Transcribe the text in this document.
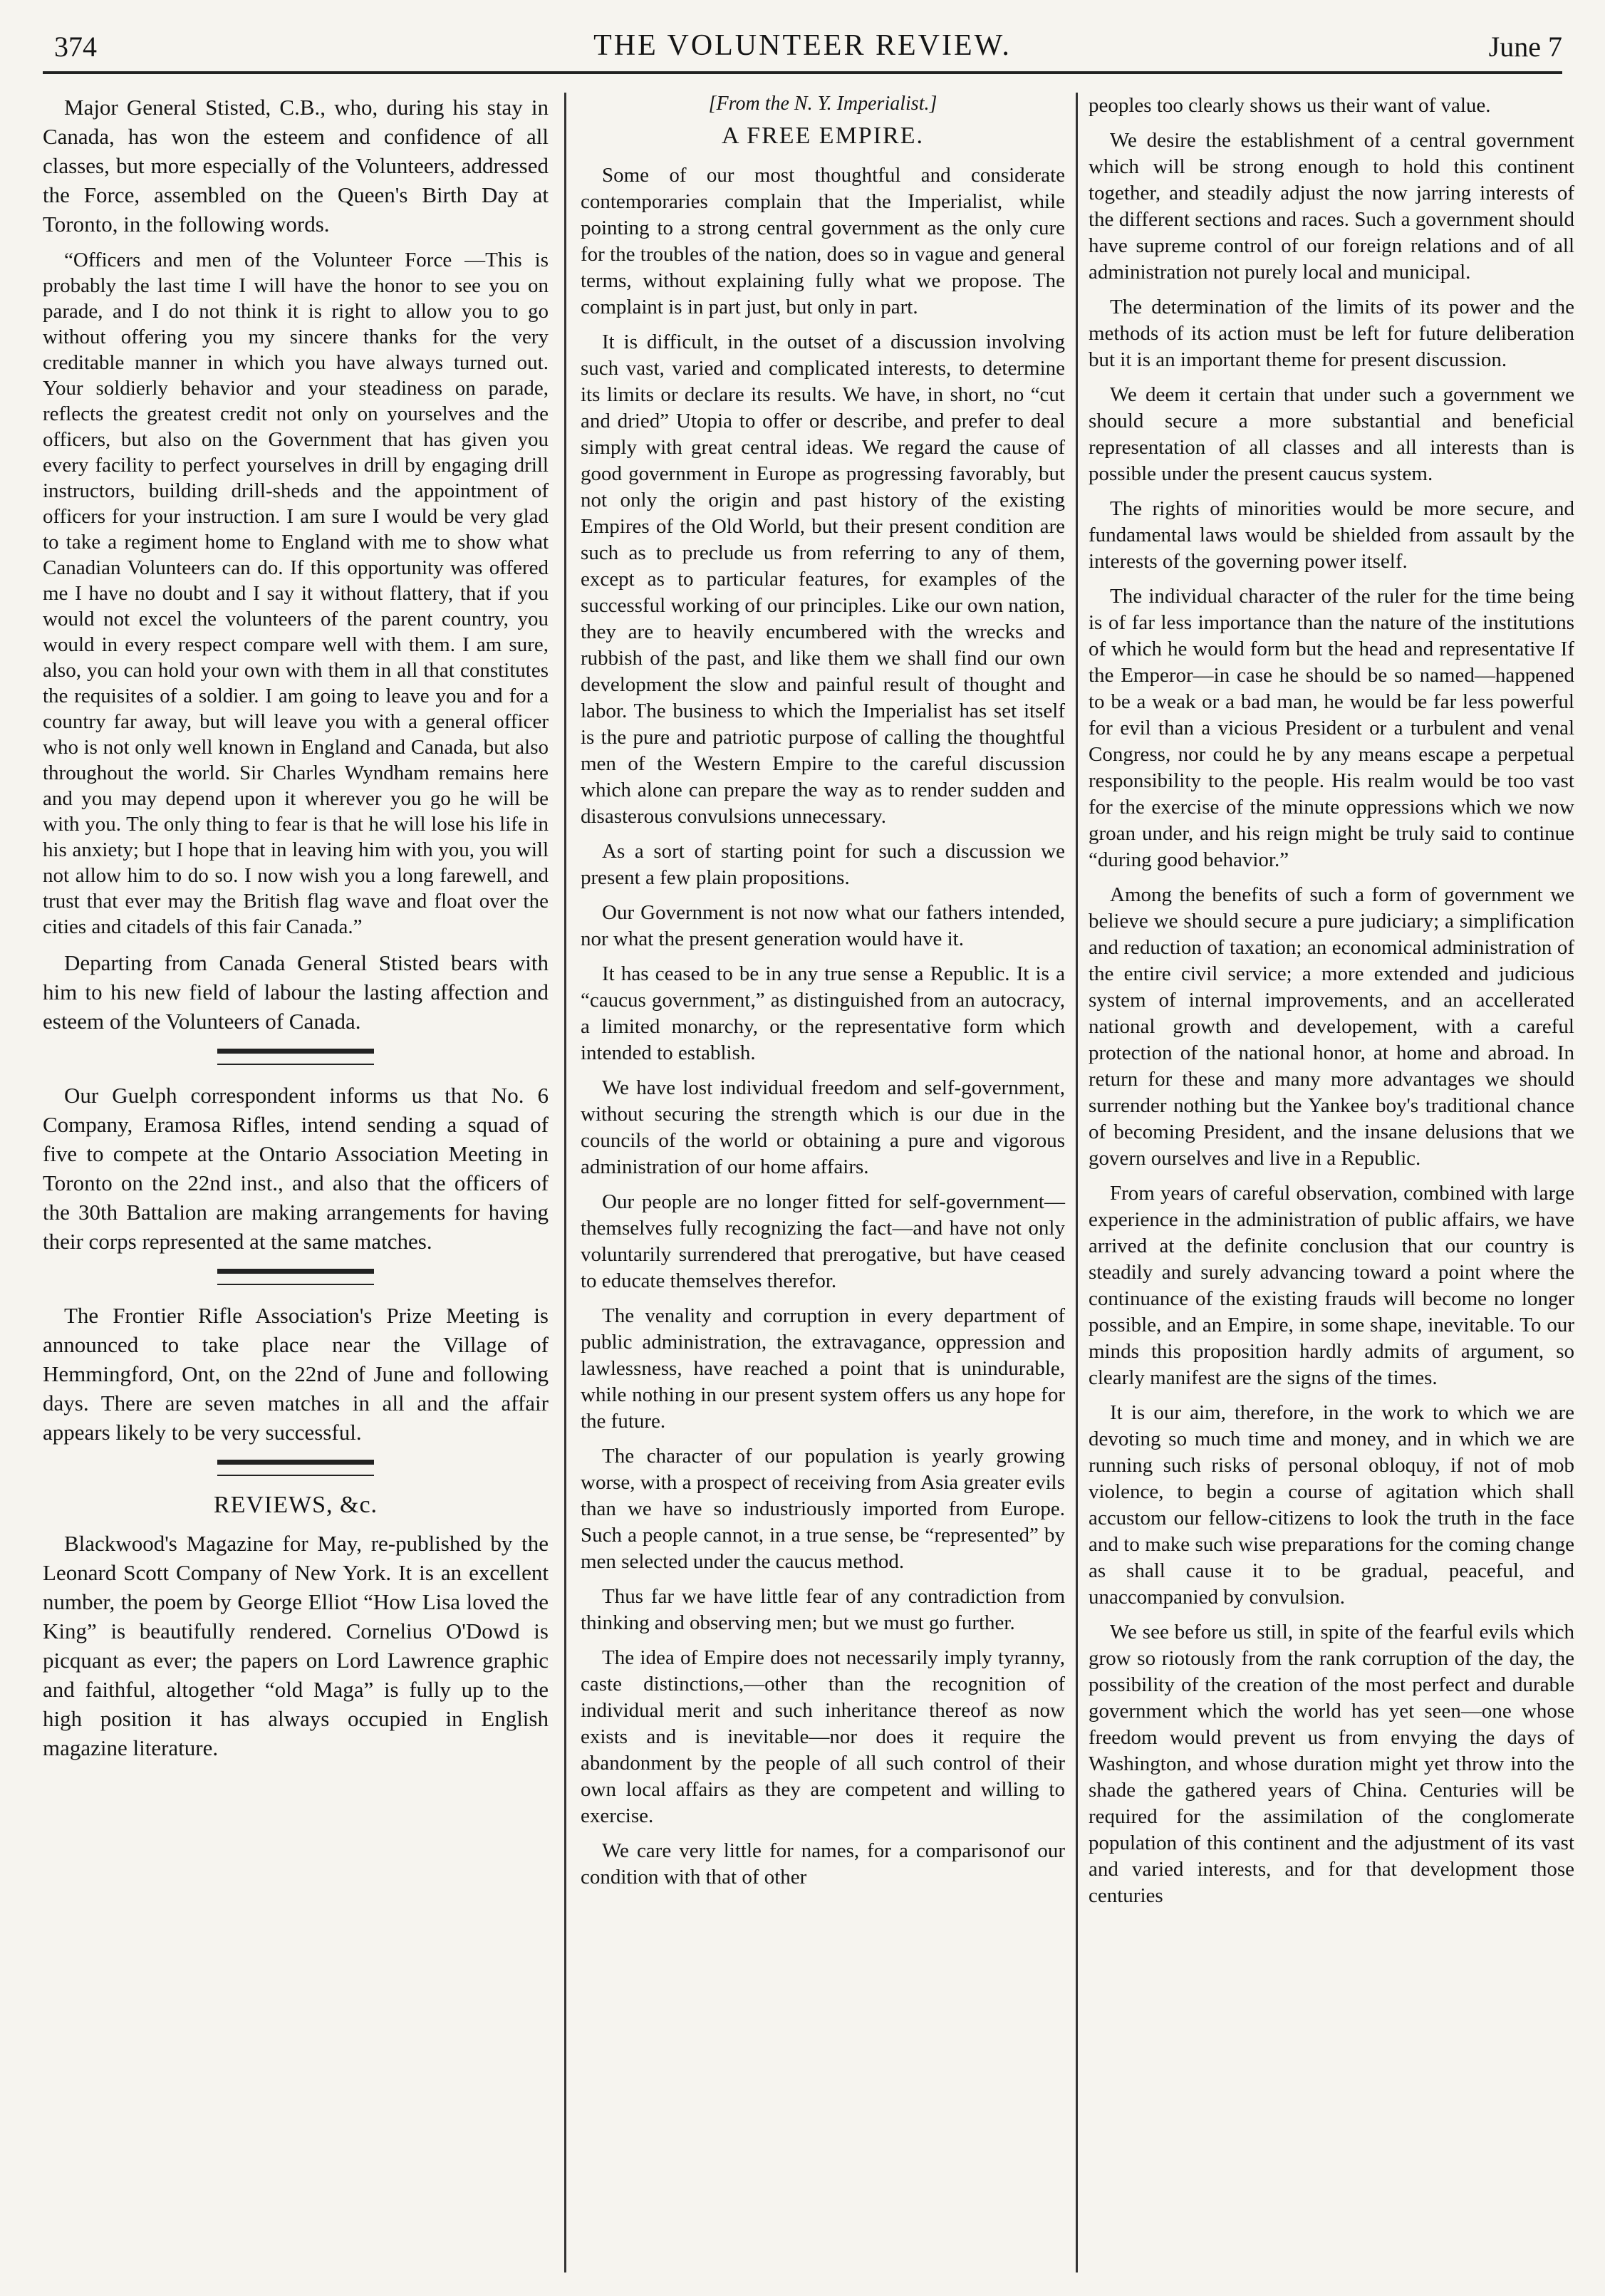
374	THE VOLUNTEER REVIEW.	June 7

Major General Stisted, C.B., who, during his stay in Canada, has won the esteem and confidence of all classes, but more especially of the Volunteers, addressed the Force, assembled on the Queen's Birth Day at Toronto, in the following words.

“Officers and men of the Volunteer Force —This is probably the last time I will have the honor to see you on parade, and I do not think it is right to allow you to go without offering you my sincere thanks for the very creditable manner in which you have always turned out. Your soldierly behavior and your steadiness on parade, reflects the greatest credit not only on yourselves and the officers, but also on the Government that has given you every facility to perfect yourselves in drill by engaging drill instructors, building drill-sheds and the appointment of officers for your instruction. I am sure I would be very glad to take a regiment home to England with me to show what Canadian Volunteers can do. If this opportunity was offered me I have no doubt and I say it without flattery, that if you would not excel the volunteers of the parent country, you would in every respect compare well with them. I am sure, also, you can hold your own with them in all that constitutes the requisites of a soldier. I am going to leave you and for a country far away, but will leave you with a general officer who is not only well known in England and Canada, but also throughout the world. Sir Charles Wyndham remains here and you may depend upon it wherever you go he will be with you. The only thing to fear is that he will lose his life in his anxiety; but I hope that in leaving him with you, you will not allow him to do so. I now wish you a long farewell, and trust that ever may the British flag wave and float over the cities and citadels of this fair Canada.”

Departing from Canada General Stisted bears with him to his new field of labour the lasting affection and esteem of the Volunteers of Canada.

Our Guelph correspondent informs us that No. 6 Company, Eramosa Rifles, intend sending a squad of five to compete at the Ontario Association Meeting in Toronto on the 22nd inst., and also that the officers of the 30th Battalion are making arrangements for having their corps represented at the same matches.

The Frontier Rifle Association's Prize Meeting is announced to take place near the Village of Hemmingford, Ont, on the 22nd of June and following days. There are seven matches in all and the affair appears likely to be very successful.

REVIEWS, &c.

Blackwood's Magazine for May, re-published by the Leonard Scott Company of New York. It is an excellent number, the poem by George Elliot “How Lisa loved the King” is beautifully rendered. Cornelius O'Dowd is picquant as ever; the papers on Lord Lawrence graphic and faithful, altogether “old Maga” is fully up to the high position it has always occupied in English magazine literature.

[From the N. Y. Imperialist.]
A FREE EMPIRE.

Some of our most thoughtful and considerate contemporaries complain that the Imperialist, while pointing to a strong central government as the only cure for the troubles of the nation, does so in vague and general terms, without explaining fully what we propose. The complaint is in part just, but only in part.

It is difficult, in the outset of a discussion involving such vast, varied and complicated interests, to determine its limits or declare its results. We have, in short, no “cut and dried” Utopia to offer or describe, and prefer to deal simply with great central ideas. We regard the cause of good government in Europe as progressing favorably, but not only the origin and past history of the existing Empires of the Old World, but their present condition are such as to preclude us from referring to any of them, except as to particular features, for examples of the successful working of our principles. Like our own nation, they are to heavily encumbered with the wrecks and rubbish of the past, and like them we shall find our own development the slow and painful result of thought and labor. The business to which the Imperialist has set itself is the pure and patriotic purpose of calling the thoughtful men of the Western Empire to the careful discussion which alone can prepare the way as to render sudden and disasterous convulsions unnecessary.

As a sort of starting point for such a discussion we present a few plain propositions.

Our Government is not now what our fathers intended, nor what the present generation would have it.

It has ceased to be in any true sense a Republic. It is a “caucus government,” as distinguished from an autocracy, a limited monarchy, or the representative form which intended to establish.

We have lost individual freedom and self-government, without securing the strength which is our due in the councils of the world or obtaining a pure and vigorous administration of our home affairs.

Our people are no longer fitted for self-government—themselves fully recognizing the fact—and have not only voluntarily surrendered that prerogative, but have ceased to educate themselves therefor.

The venality and corruption in every department of public administration, the extravagance, oppression and lawlessness, have reached a point that is unindurable, while nothing in our present system offers us any hope for the future.

The character of our population is yearly growing worse, with a prospect of receiving from Asia greater evils than we have so industriously imported from Europe. Such a people cannot, in a true sense, be “represented” by men selected under the caucus method.

Thus far we have little fear of any contradiction from thinking and observing men; but we must go further.

The idea of Empire does not necessarily imply tyranny, caste distinctions,—other than the recognition of individual merit and such inheritance thereof as now exists and is inevitable—nor does it require the abandonment by the people of all such control of their own local affairs as they are competent and willing to exercise.

We care very little for names, for a comparisonof our condition with that of other

peoples too clearly shows us their want of value.

We desire the establishment of a central government which will be strong enough to hold this continent together, and steadily adjust the now jarring interests of the different sections and races. Such a government should have supreme control of our foreign relations and of all administration not purely local and municipal.

The determination of the limits of its power and the methods of its action must be left for future deliberation but it is an important theme for present discussion.

We deem it certain that under such a government we should secure a more substantial and beneficial representation of all classes and all interests than is possible under the present caucus system.

The rights of minorities would be more secure, and fundamental laws would be shielded from assault by the interests of the governing power itself.

The individual character of the ruler for the time being is of far less importance than the nature of the institutions of which he would form but the head and representative If the Emperor—in case he should be so named—happened to be a weak or a bad man, he would be far less powerful for evil than a vicious President or a turbulent and venal Congress, nor could he by any means escape a perpetual responsibility to the people. His realm would be too vast for the exercise of the minute oppressions which we now groan under, and his reign might be truly said to continue “during good behavior.”

Among the benefits of such a form of government we believe we should secure a pure judiciary; a simplification and reduction of taxation; an economical administration of the entire civil service; a more extended and judicious system of internal improvements, and an accellerated national growth and developement, with a careful protection of the national honor, at home and abroad. In return for these and many more advantages we should surrender nothing but the Yankee boy's traditional chance of becoming President, and the insane delusions that we govern ourselves and live in a Republic.

From years of careful observation, combined with large experience in the administration of public affairs, we have arrived at the definite conclusion that our country is steadily and surely advancing toward a point where the continuance of the existing frauds will become no longer possible, and an Empire, in some shape, inevitable. To our minds this proposition hardly admits of argument, so clearly manifest are the signs of the times.

It is our aim, therefore, in the work to which we are devoting so much time and money, and in which we are running such risks of personal obloquy, if not of mob violence, to begin a course of agitation which shall accustom our fellow-citizens to look the truth in the face and to make such wise preparations for the coming change as shall cause it to be gradual, peaceful, and unaccompanied by convulsion.

We see before us still, in spite of the fearful evils which grow so riotously from the rank corruption of the day, the possibility of the creation of the most perfect and durable government which the world has yet seen—one whose freedom would prevent us from envying the days of Washington, and whose duration might yet throw into the shade the gathered years of China. Centuries will be required for the assimilation of the conglomerate population of this continent and the adjustment of its vast and varied interests, and for that development those centuries
